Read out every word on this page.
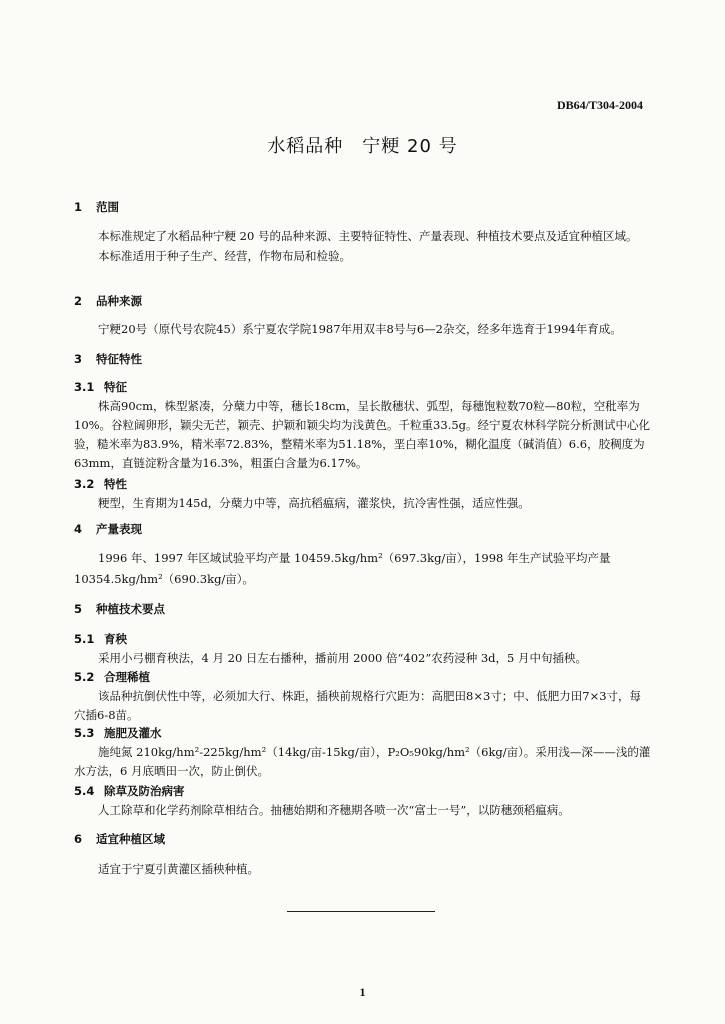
DB64/T304-2004
水稻品种　宁粳 20 号
1 范围

本标准规定了水稻品种宁粳 20 号的品种来源、主要特征特性、产量表现、种植技术要点及适宜种植区域。

本标准适用于种子生产、经营，作物布局和检验。

2 品种来源

宁粳20号（原代号农院45）系宁夏农学院1987年用双丰8号与6—2杂交，经多年选育于1994年育成。

3 特征特性
3.1 特征

株高90cm，株型紧凑，分蘖力中等，穗长18cm，呈长散穗状、弧型，每穗饱粒数70粒—80粒，空秕率为10%。谷粒阔卵形，颖尖无芒，颖壳、护颖和颖尖均为浅黄色。千粒重33.5g。经宁夏农林科学院分析测试中心化验，糙米率为83.9%，精米率72.83%，整精米率为51.18%，垩白率10%，糊化温度（碱消值）6.6，胶稠度为63mm，直链淀粉含量为16.3%，粗蛋白含量为6.17%。

3.2 特性

粳型，生育期为145d，分蘖力中等，高抗稻瘟病，灌浆快，抗冷害性强，适应性强。

4 产量表现

1996 年、1997 年区域试验平均产量 10459.5kg/hm²（697.3kg/亩），1998 年生产试验平均产量 10354.5kg/hm²（690.3kg/亩）。

5 种植技术要点
5.1 育秧

采用小弓棚育秧法，4 月 20 日左右播种，播前用 2000 倍“402”农药浸种 3d，5 月中旬插秧。

5.2 合理稀植

该品种抗倒伏性中等，必须加大行、株距，插秧前规格行穴距为：高肥田8×3寸；中、低肥力田7×3寸，每穴插6-8苗。

5.3 施肥及灌水

施纯氮 210kg/hm²-225kg/hm²（14kg/亩-15kg/亩），P₂O₅90kg/hm²（6kg/亩）。采用浅—深——浅的灌水方法，6 月底晒田一次，防止倒伏。

5.4 除草及防治病害

人工除草和化学药剂除草相结合。抽穗始期和齐穗期各喷一次“富士一号”，以防穗颈稻瘟病。

6 适宜种植区域

适宜于宁夏引黄灌区插秧种植。

1
